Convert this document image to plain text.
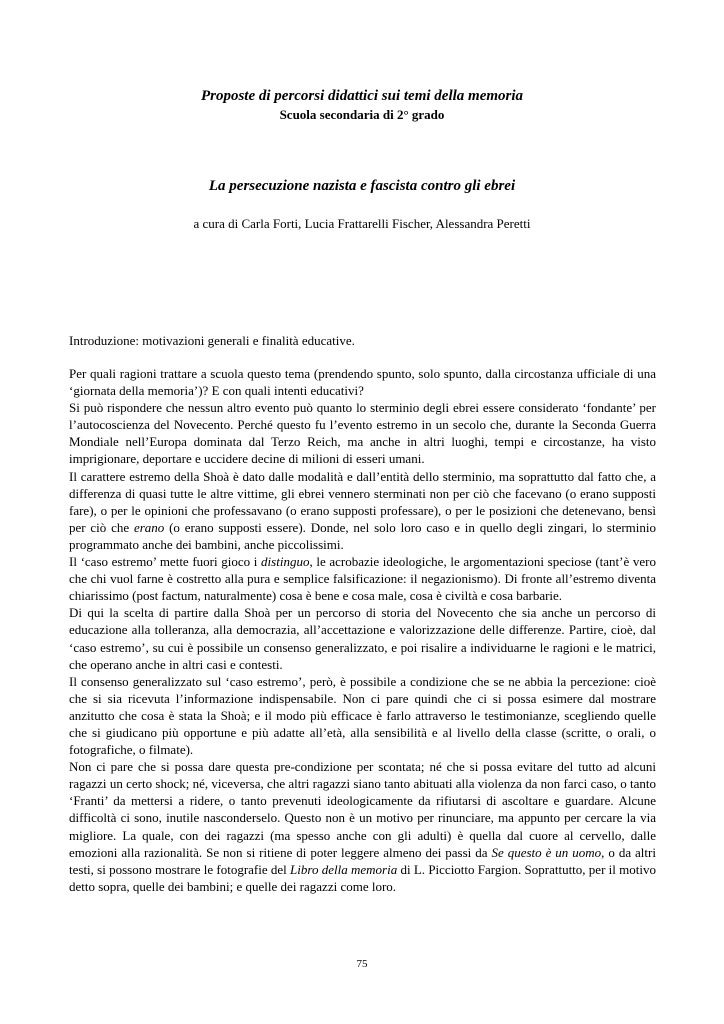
Proposte di percorsi didattici sui temi della memoria
Scuola secondaria di 2° grado
La persecuzione nazista e fascista contro gli ebrei
a cura di Carla Forti, Lucia Frattarelli Fischer, Alessandra Peretti
Introduzione: motivazioni generali e finalità educative.

Per quali ragioni trattare a scuola questo tema (prendendo spunto, solo spunto, dalla circostanza ufficiale di una ‘giornata della memoria’)? E con quali intenti educativi?

Si può rispondere che nessun altro evento può quanto lo sterminio degli ebrei essere considerato ‘fondante’ per l’autocoscienza del Novecento. Perché questo fu l’evento estremo in un secolo che, durante la Seconda Guerra Mondiale nell’Europa dominata dal Terzo Reich, ma anche in altri luoghi, tempi e circostanze, ha visto imprigionare, deportare e uccidere decine di milioni di esseri umani.

Il carattere estremo della Shoà è dato dalle modalità e dall’entità dello sterminio, ma soprattutto dal fatto che, a differenza di quasi tutte le altre vittime, gli ebrei vennero sterminati non per ciò che facevano (o erano supposti fare), o per le opinioni che professavano (o erano supposti professare), o per le posizioni che detenevano, bensì per ciò che erano (o erano supposti essere). Donde, nel solo loro caso e in quello degli zingari, lo sterminio programmato anche dei bambini, anche piccolissimi.

Il ‘caso estremo’ mette fuori gioco i distinguo, le acrobazie ideologiche, le argomentazioni speciose (tant’è vero che chi vuol farne è costretto alla pura e semplice falsificazione: il negazionismo). Di fronte all’estremo diventa chiarissimo (post factum, naturalmente) cosa è bene e cosa male, cosa è civiltà e cosa barbarie.

Di qui la scelta di partire dalla Shoà per un percorso di storia del Novecento che sia anche un percorso di educazione alla tolleranza, alla democrazia, all’accettazione e valorizzazione delle differenze. Partire, cioè, dal ‘caso estremo’, su cui è possibile un consenso generalizzato, e poi risalire a individuarne le ragioni e le matrici, che operano anche in altri casi e contesti.

Il consenso generalizzato sul ‘caso estremo’, però, è possibile a condizione che se ne abbia la percezione: cioè che si sia ricevuta l’informazione indispensabile. Non ci pare quindi che ci si possa esimere dal mostrare anzitutto che cosa è stata la Shoà; e il modo più efficace è farlo attraverso le testimonianze, scegliendo quelle che si giudicano più opportune e più adatte all’età, alla sensibilità e al livello della classe (scritte, o orali, o fotografiche, o filmate).

Non ci pare che si possa dare questa pre-condizione per scontata; né che si possa evitare del tutto ad alcuni ragazzi un certo shock; né, viceversa, che altri ragazzi siano tanto abituati alla violenza da non farci caso, o tanto ‘Franti’ da mettersi a ridere, o tanto prevenuti ideologicamente da rifiutarsi di ascoltare e guardare. Alcune difficoltà ci sono, inutile nasconderselo. Questo non è un motivo per rinunciare, ma appunto per cercare la via migliore. La quale, con dei ragazzi (ma spesso anche con gli adulti) è quella dal cuore al cervello, dalle emozioni alla razionalità. Se non si ritiene di poter leggere almeno dei passi da Se questo è un uomo, o da altri testi, si possono mostrare le fotografie del Libro della memoria di L. Picciotto Fargion. Soprattutto, per il motivo detto sopra, quelle dei bambini; e quelle dei ragazzi come loro.

75
